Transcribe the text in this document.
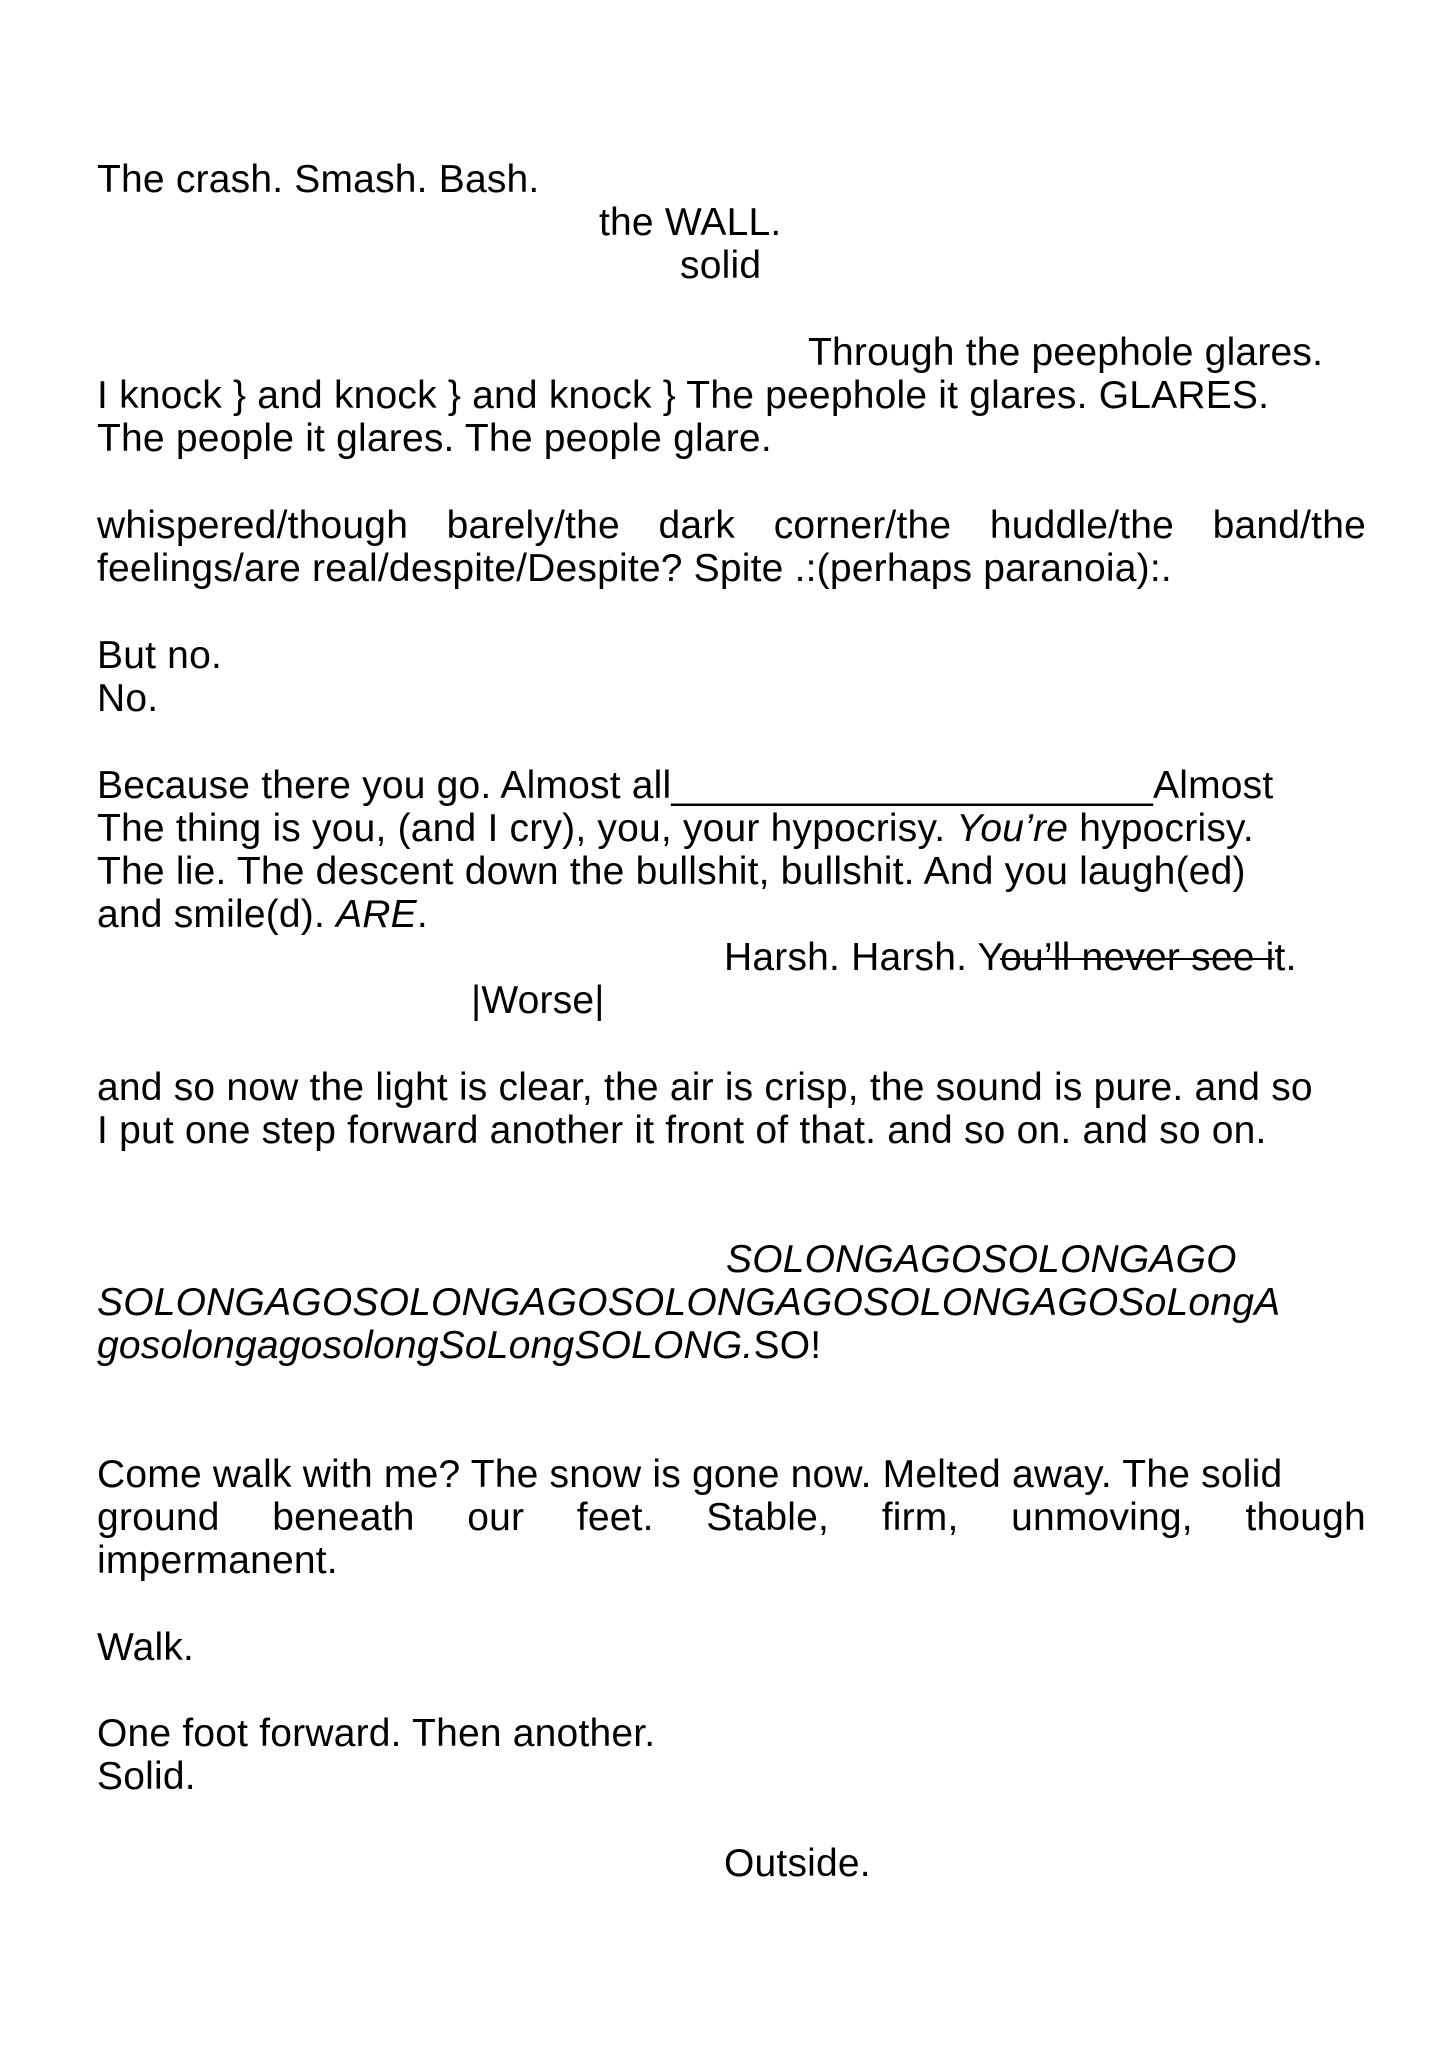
The crash. Smash. Bash.
the WALL.
solid
Through the peephole glares.
I knock } and knock } and knock } The peephole it glares. GLARES.
The people it glares. The people glare.
whispered/though barely/the dark corner/the huddle/the band/the
feelings/are real/despite/Despite? Spite .:(perhaps paranoia):.
But no.
No.
Because there you go. Almost all______________________Almost
The thing is you, (and I cry), you, your hypocrisy. You’re hypocrisy.
The lie. The descent down the bullshit, bullshit. And you laugh(ed)
and smile(d). ARE.
Harsh. Harsh. You’ll never see it.
|Worse|
and so now the light is clear, the air is crisp, the sound is pure. and so
I put one step forward another it front of that. and so on. and so on.
SOLONGAGOSOLONGAGO
SOLONGAGOSOLONGAGOSOLONGAGOSOLONGAGOSoLongA
gosolongagosolongSoLongSOLONG.SO!
Come walk with me? The snow is gone now. Melted away. The solid
ground beneath our feet. Stable, firm, unmoving, though
impermanent.
Walk.
One foot forward. Then another.
Solid.
Outside.
